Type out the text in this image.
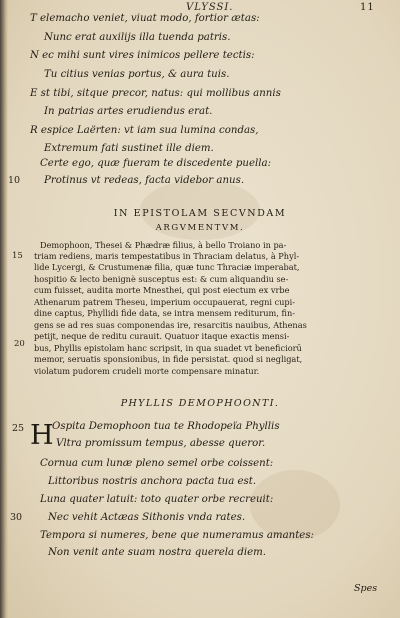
VLYSSI.	11
T elemacho veniet, viuat modo, fortior ætas:
Nunc erat auxilijs illa tuenda patris.
N ec mihi sunt vires inimicos pellere tectis:
Tu citius venias portus, & aura tuis.
E st tibi, sitque precor, natus: qui mollibus annis
In patrias artes erudiendus erat.
R espice Laërten: vt iam sua lumina condas,
Extremum fati sustinet ille diem.
Certe ego, quæ fueram te discedente puella:
Protinus vt redeas, facta videbor anus.
10
IN EPISTOLAM SECVNDAM
ARGVMENTVM.
Demophoon, Thesei & Phædræ filius, à bello Troiano in pa-
triam rediens, maris tempestatibus in Thraciam delatus, à Phyl-
lide Lycergi, & Crustumenæ filia, quæ tunc Thraciæ imperabat,
hospitio & lecto benignè susceptus est: & cum aliquandiu se-
cum fuisset, audita morte Mnesthei, qui post eiectum ex vrbe
Athenarum patrem Theseu, imperium occupauerat, regni cupi-
dine captus, Phyllidi fide data, se intra mensem rediturum, fin-
gens se ad res suas componendas ire, resarcitis nauibus, Athenas
petijt, neque de reditu curauit. Quatuor itaque exactis mensi-
bus, Phyllis epistolam hanc scripsit, in qua suadet vt beneficiorū
memor, seruatis sponsionibus, in fide persistat. quod si negligat,
violatum pudorem crudeli morte compensare minatur.
15
20
PHYLLIS DEMOPHOONTI.
H
25	Ospita Demophoon tua te Rhodopeïa Phyllis
Vltra promissum tempus, abesse queror.
Cornua cum lunæ pleno semel orbe coissent:
Littoribus nostris anchora pacta tua est.
Luna quater latuit: toto quater orbe recreuit:
30	Nec vehit Actæas Sithonis vnda rates.
Tempora si numeres, bene que numeramus amantes:
Non venit ante suam nostra querela diem.
Spes
